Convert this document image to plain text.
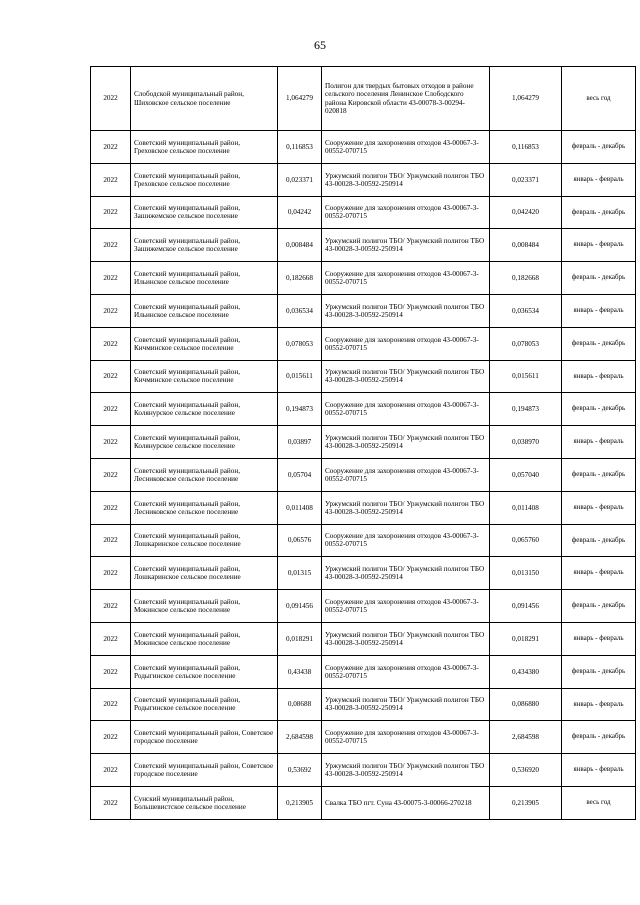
65
2022	Слободской муниципальный район, Шиховское сельское поселение	1,064279	Полигон для твердых бытовых отходов в районе сельского поселения Ленинское Слободского района Кировской области 43-00078-3-00294-020818	1,064279	весь год
2022	Советский муниципальный район, Греховское сельское поселение	0,116853	Сооружение для захоронения отходов 43-00067-3-00552-070715	0,116853	февраль - декабрь
2022	Советский муниципальный район, Греховское сельское поселение	0,023371	Уржумский полигон ТБО/ Уржумский полигон ТБО 43-00028-3-00592-250914	0,023371	январь - февраль
2022	Советский муниципальный район, Зашижемское сельское поселение	0,04242	Сооружение для захоронения отходов 43-00067-3-00552-070715	0,042420	февраль - декабрь
2022	Советский муниципальный район, Зашижемское сельское поселение	0,008484	Уржумский полигон ТБО/ Уржумский полигон ТБО 43-00028-3-00592-250914	0,008484	январь - февраль
2022	Советский муниципальный район, Ильинское сельское поселение	0,182668	Сооружение для захоронения отходов 43-00067-3-00552-070715	0,182668	февраль - декабрь
2022	Советский муниципальный район, Ильинское сельское поселение	0,036534	Уржумский полигон ТБО/ Уржумский полигон ТБО 43-00028-3-00592-250914	0,036534	январь - февраль
2022	Советский муниципальный район, Кичминское сельское поселение	0,078053	Сооружение для захоронения отходов 43-00067-3-00552-070715	0,078053	февраль - декабрь
2022	Советский муниципальный район, Кичминское сельское поселение	0,015611	Уржумский полигон ТБО/ Уржумский полигон ТБО 43-00028-3-00592-250914	0,015611	январь - февраль
2022	Советский муниципальный район, Колянурское сельское поселение	0,194873	Сооружение для захоронения отходов 43-00067-3-00552-070715	0,194873	февраль - декабрь
2022	Советский муниципальный район, Колянурское сельское поселение	0,03897	Уржумский полигон ТБО/ Уржумский полигон ТБО 43-00028-3-00592-250914	0,038970	январь - февраль
2022	Советский муниципальный район, Лесниковское сельское поселение	0,05704	Сооружение для захоронения отходов 43-00067-3-00552-070715	0,057040	февраль - декабрь
2022	Советский муниципальный район, Лесниковское сельское поселение	0,011408	Уржумский полигон ТБО/ Уржумский полигон ТБО 43-00028-3-00592-250914	0,011408	январь - февраль
2022	Советский муниципальный район, Лошкаринское сельское поселение	0,06576	Сооружение для захоронения отходов 43-00067-3-00552-070715	0,065760	февраль - декабрь
2022	Советский муниципальный район, Лошкаринское сельское поселение	0,01315	Уржумский полигон ТБО/ Уржумский полигон ТБО 43-00028-3-00592-250914	0,013150	январь - февраль
2022	Советский муниципальный район, Мокинское сельское поселение	0,091456	Сооружение для захоронения отходов 43-00067-3-00552-070715	0,091456	февраль - декабрь
2022	Советский муниципальный район, Мокинское сельское поселение	0,018291	Уржумский полигон ТБО/ Уржумский полигон ТБО 43-00028-3-00592-250914	0,018291	январь - февраль
2022	Советский муниципальный район, Родыгинское сельское поселение	0,43438	Сооружение для захоронения отходов 43-00067-3-00552-070715	0,434380	февраль - декабрь
2022	Советский муниципальный район, Родыгинское сельское поселение	0,08688	Уржумский полигон ТБО/ Уржумский полигон ТБО 43-00028-3-00592-250914	0,086880	январь - февраль
2022	Советский муниципальный район, Советское городское поселение	2,684598	Сооружение для захоронения отходов 43-00067-3-00552-070715	2,684598	февраль - декабрь
2022	Советский муниципальный район, Советское городское поселение	0,53692	Уржумский полигон ТБО/ Уржумский полигон ТБО 43-00028-3-00592-250914	0,536920	январь - февраль
2022	Сунский муниципальный район, Большевистское сельское поселение	0,213905	Свалка ТБО пгт. Суна 43-00075-3-00066-270218	0,213905	весь год
